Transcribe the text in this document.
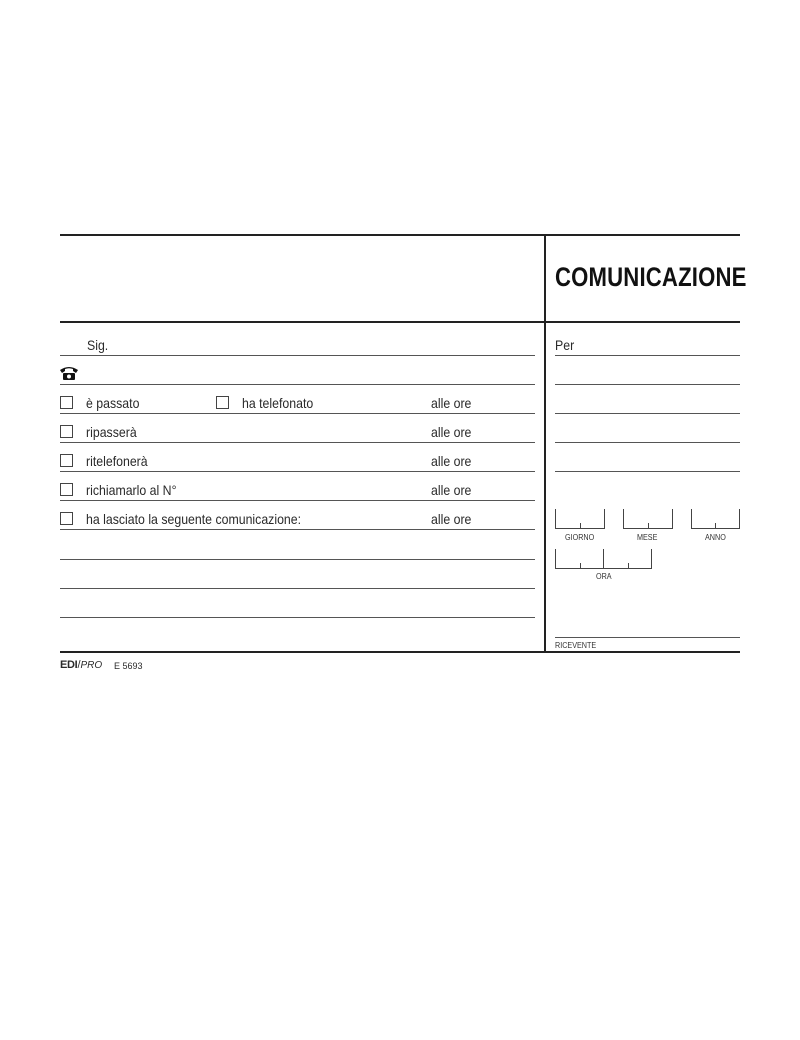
COMUNICAZIONE
Sig.
è passato	ha telefonato	alle ore
ripasserà	alle ore
ritelefonerà	alle ore
richiamarlo al N°	alle ore
ha lasciato la seguente comunicazione:	alle ore
Per
GIORNO	MESE	ANNO
ORA
RICEVENTE
EDI/PRO E 5693
